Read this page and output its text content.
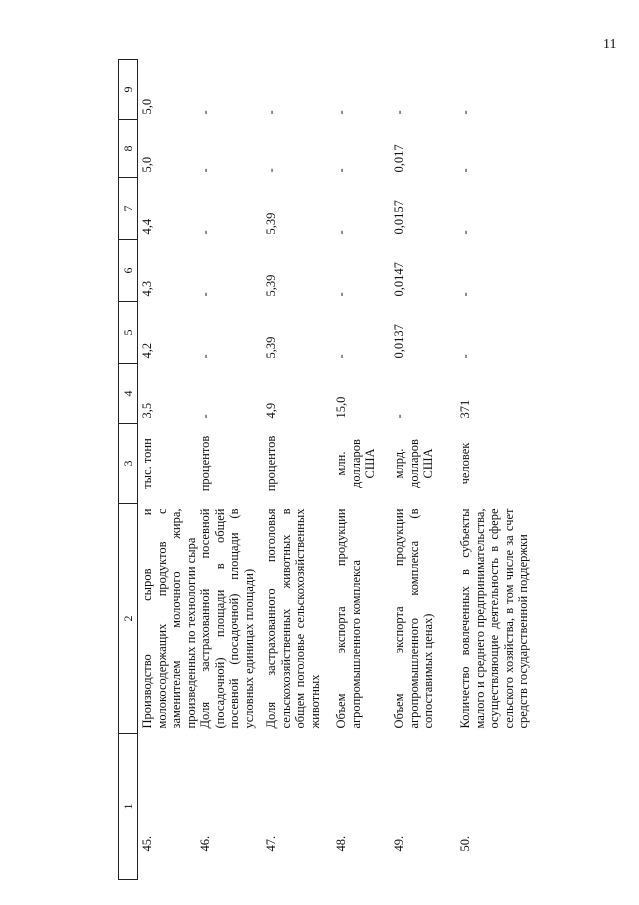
11
1	2	3	4	5	6	7	8	9
45.	Производство сыров и молокосодержащих продуктов с заменителем молочного жира, произведенных по технологии сыра	тыс. тонн	3,5	4,2	4,3	4,4	5,0	5,0
46.	Доля застрахованной посевной (посадочной) площади в общей посевной (посадочной) площади (в условных единицах площади)	процентов	-	-	-	-	-	-
47.	Доля застрахованного поголовья сельскохозяйственных животных в общем поголовье сельскохозяйственных животных	процентов	4,9	5,39	5,39	5,39	-	-
48.	Объем экспорта продукции агропромышленного комплекса	млн. долларов США	15,0	-	-	-	-	-
49.	Объем экспорта продукции агропромышленного комплекса (в сопоставимых ценах)	млрд. долларов США	-	0,0137	0,0147	0,0157	0,017	-
50.	Количество вовлеченных в субъекты малого и среднего предпринимательства, осуществляющие деятельность в сфере сельского хозяйства, в том числе за счет средств государственной поддержки	человек	371	-	-	-	-	-
